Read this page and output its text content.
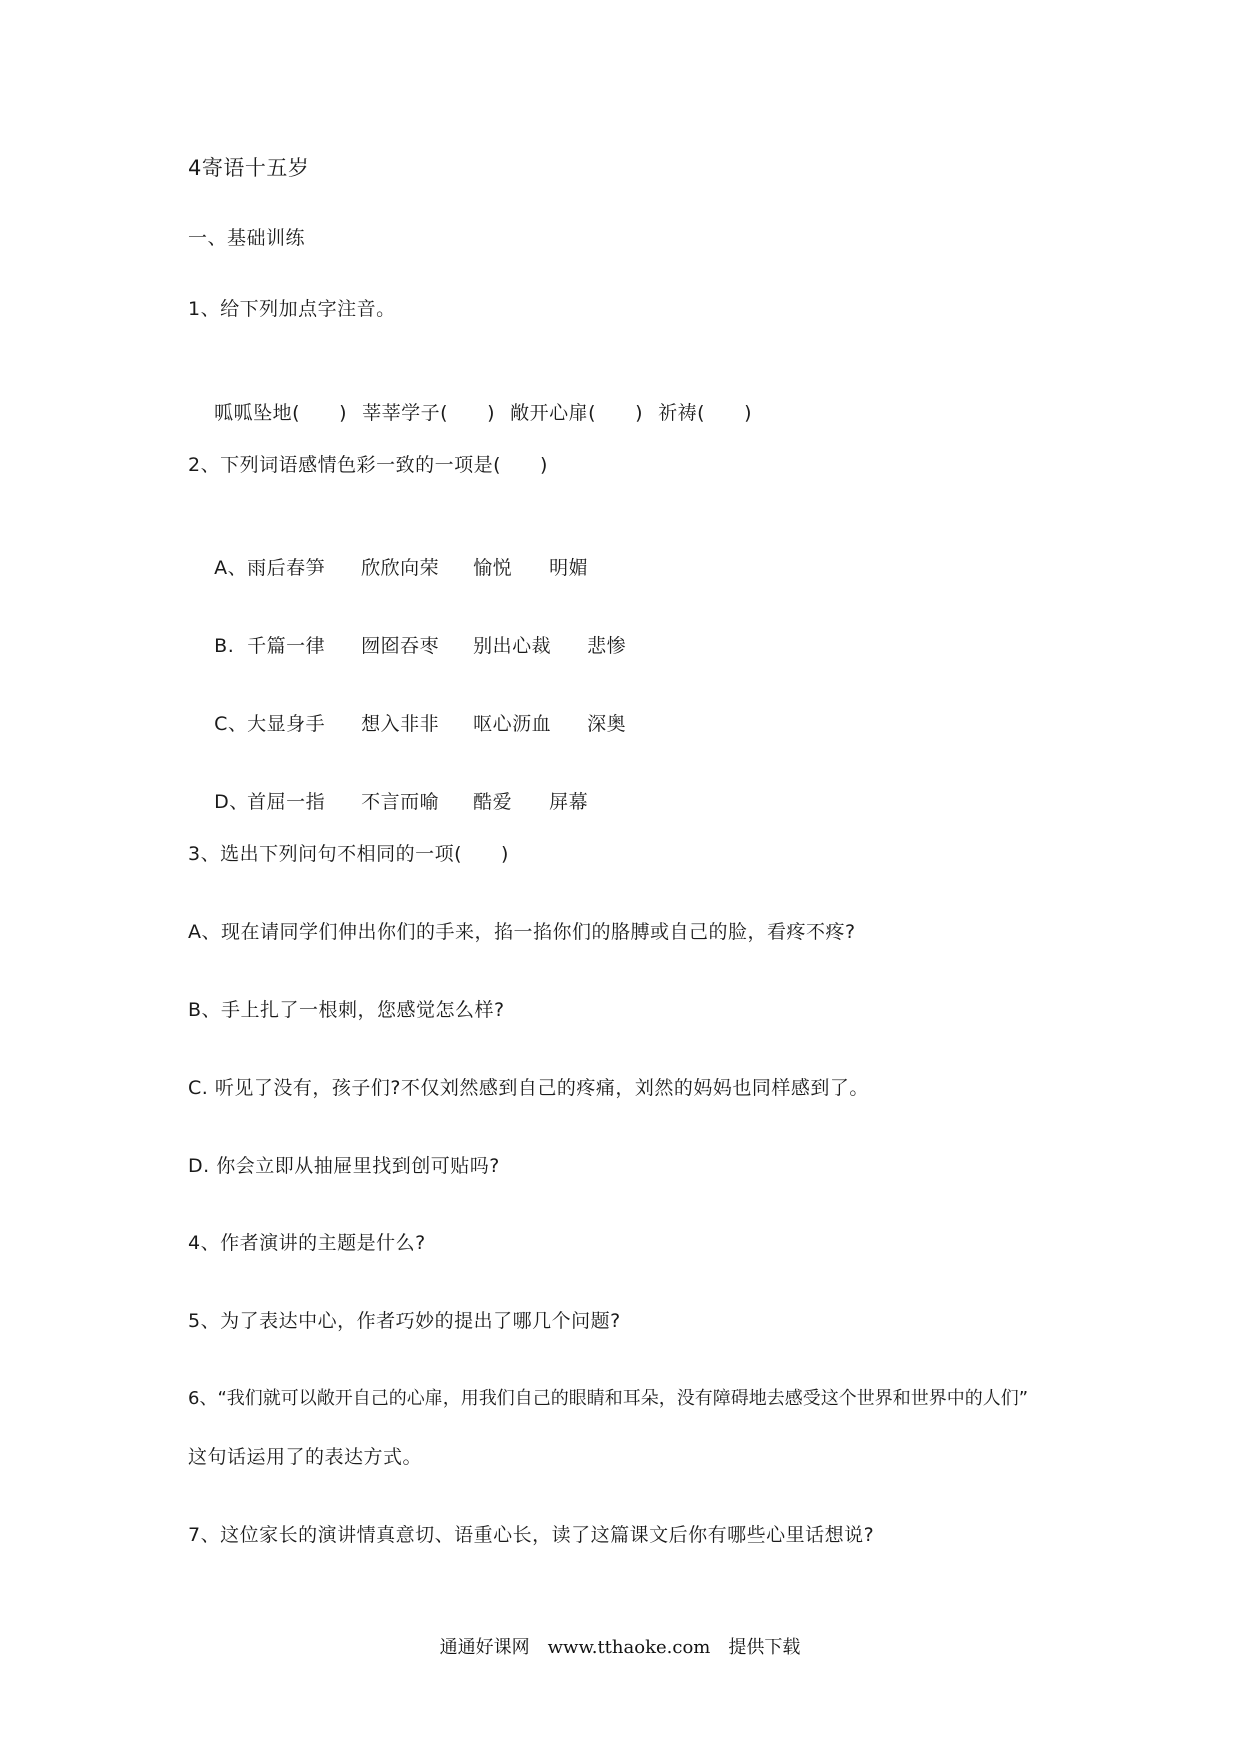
4寄语十五岁
一、基础训练
1、给下列加点字注音。

呱呱坠地(　　) 莘莘学子(　　) 敞开心扉(　　) 祈祷(　　)

2、下列词语感情色彩一致的一项是(　　)

A、雨后春笋 欣欣向荣 愉悦 明媚

B. 千篇一律 囫囵吞枣 别出心裁 悲惨

C、大显身手 想入非非 呕心沥血 深奥

D、首屈一指 不言而喻 酷爱 屏幕

3、选出下列问句不相同的一项(　　)
A、现在请同学们伸出你们的手来，掐一掐你们的胳膊或自己的脸，看疼不疼?
B、手上扎了一根刺，您感觉怎么样?
C. 听见了没有，孩子们?不仅刘然感到自己的疼痛，刘然的妈妈也同样感到了。
D. 你会立即从抽屉里找到创可贴吗?
4、作者演讲的主题是什么?
5、为了表达中心，作者巧妙的提出了哪几个问题?
6、“我们就可以敞开自己的心扉，用我们自己的眼睛和耳朵，没有障碍地去感受这个世界和世界中的人们”
这句话运用了的表达方式。
7、这位家长的演讲情真意切、语重心长，读了这篇课文后你有哪些心里话想说?
通通好课网　www.tthaoke.com　提供下载
